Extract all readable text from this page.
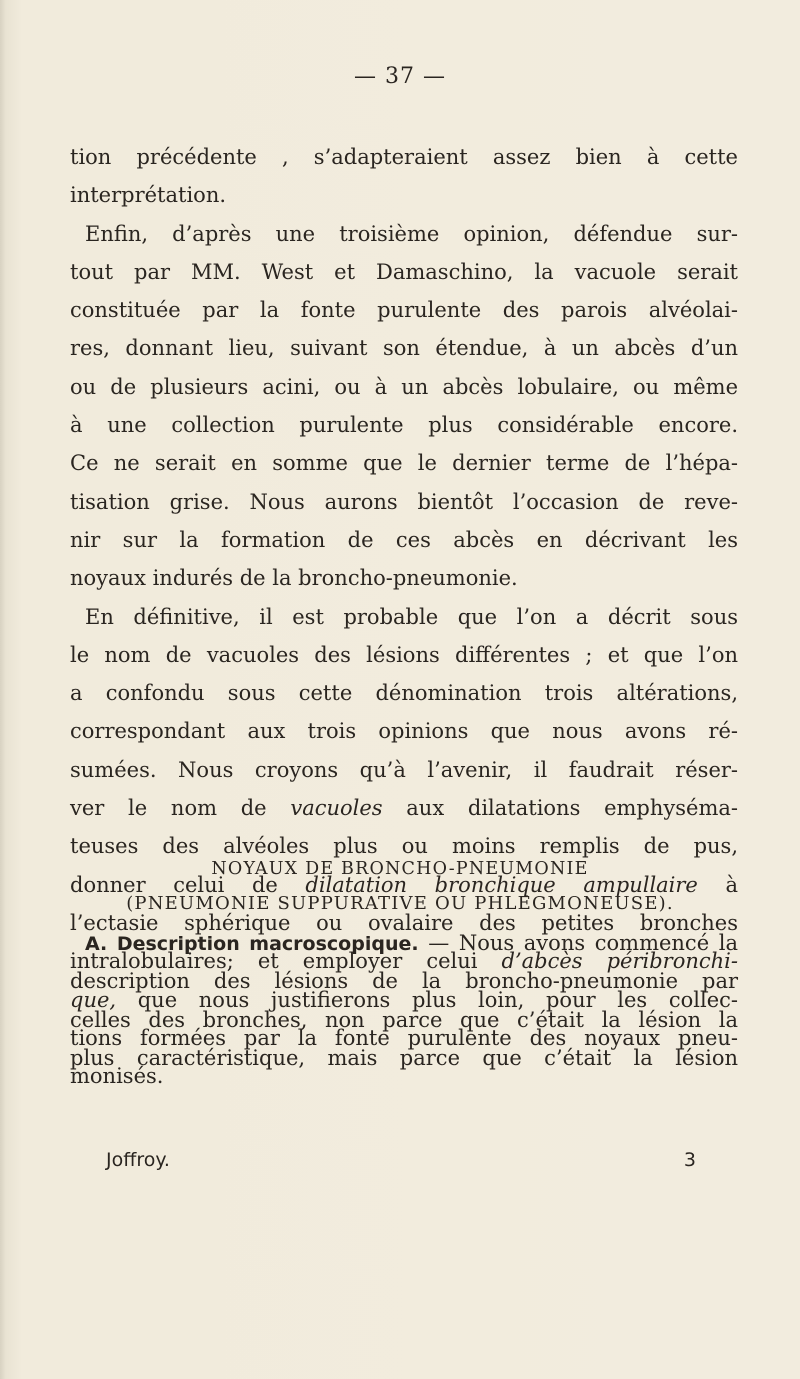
— 37 —
tion précédente , s’adapteraient assez bien à cette
interprétation.
Enfin, d’après une troisième opinion, défendue sur-
tout par MM. West et Damaschino, la vacuole serait
constituée par la fonte purulente des parois alvéolai-
res, donnant lieu, suivant son étendue, à un abcès d’un
ou de plusieurs acini, ou à un abcès lobulaire, ou même
à une collection purulente plus considérable encore.
Ce ne serait en somme que le dernier terme de l’hépa-
tisation grise. Nous aurons bientôt l’occasion de reve-
nir sur la formation de ces abcès en décrivant les
noyaux indurés de la broncho-pneumonie.
En définitive, il est probable que l’on a décrit sous
le nom de vacuoles des lésions différentes ; et que l’on
a confondu sous cette dénomination trois altérations,
correspondant aux trois opinions que nous avons ré-
sumées. Nous croyons qu’à l’avenir, il faudrait réser-
ver le nom de vacuoles aux dilatations emphyséma-
teuses des alvéoles plus ou moins remplis de pus,
donner celui de dilatation bronchique ampullaire à
l’ectasie sphérique ou ovalaire des petites bronches
intralobulaires; et employer celui d’abcès péribronchi-
que, que nous justifierons plus loin, pour les collec-
tions formées par la fonte purulente des noyaux pneu-
monisés.
NOYAUX DE BRONCHO-PNEUMONIE
(PNEUMONIE SUPPURATIVE OU PHLEGMONEUSE).
A. Description macroscopique. — Nous avons commencé la
description des lésions de la broncho-pneumonie par
celles des bronches, non parce que c’était la lésion la
plus caractéristique, mais parce que c’était la lésion
Joffroy.	3
